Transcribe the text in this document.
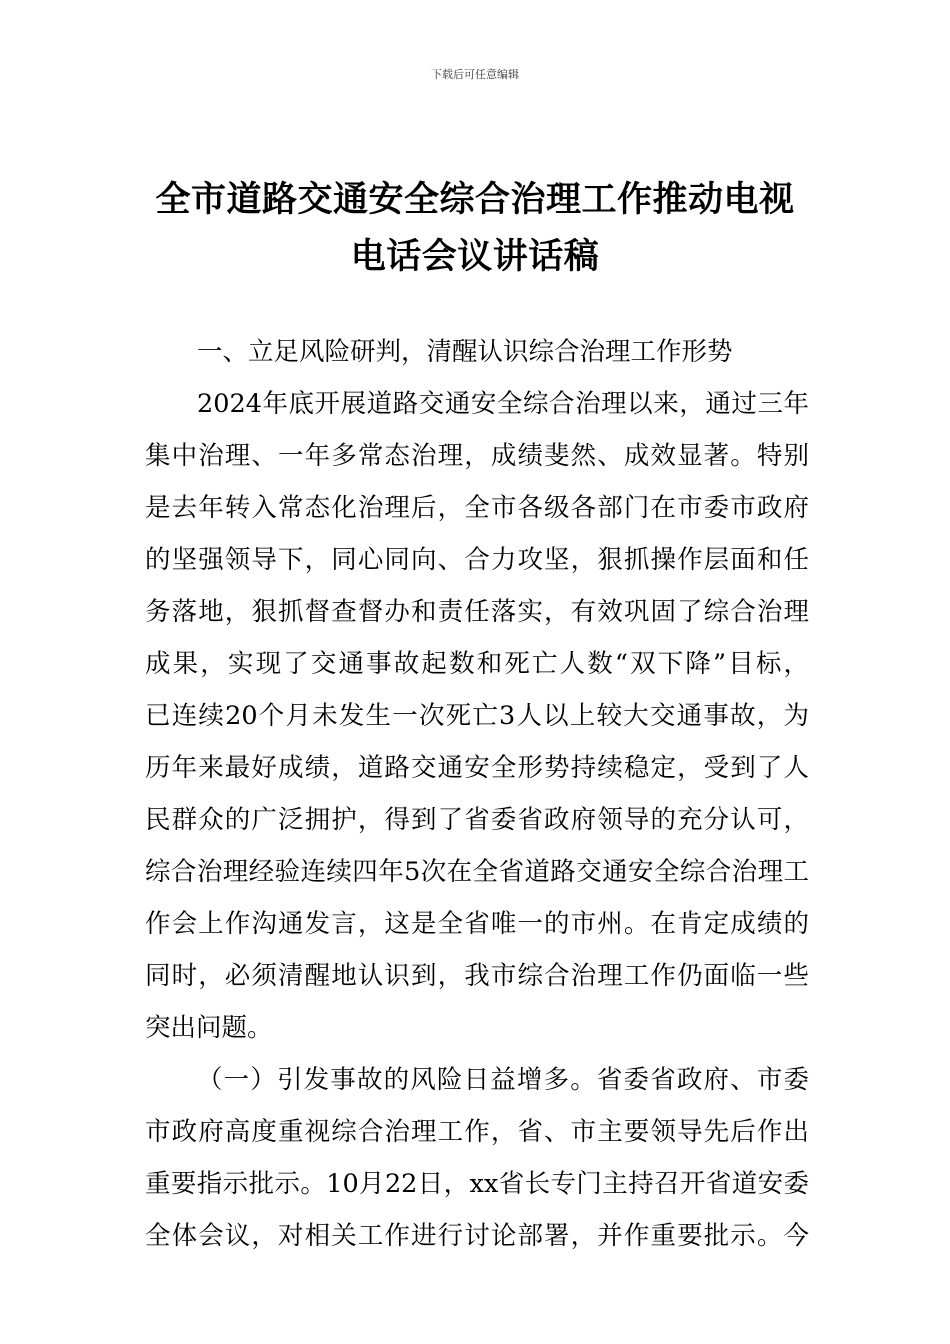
下载后可任意编辑
全市道路交通安全综合治理工作推动电视
电话会议讲话稿
一、立足风险研判，清醒认识综合治理工作形势
2024年底开展道路交通安全综合治理以来，通过三年
集中治理、一年多常态治理，成绩斐然、成效显著。特别
是去年转入常态化治理后，全市各级各部门在市委市政府
的坚强领导下，同心同向、合力攻坚，狠抓操作层面和任
务落地，狠抓督查督办和责任落实，有效巩固了综合治理
成果，实现了交通事故起数和死亡人数“双下降”目标，
已连续20个月未发生一次死亡3人以上较大交通事故，为
历年来最好成绩，道路交通安全形势持续稳定，受到了人
民群众的广泛拥护，得到了省委省政府领导的充分认可，
综合治理经验连续四年5次在全省道路交通安全综合治理工
作会上作沟通发言，这是全省唯一的市州。在肯定成绩的
同时，必须清醒地认识到，我市综合治理工作仍面临一些
突出问题。
（一）引发事故的风险日益增多。省委省政府、市委
市政府高度重视综合治理工作，省、市主要领导先后作出
重要指示批示。10月22日，xx省长专门主持召开省道安委
全体会议，对相关工作进行讨论部署，并作重要批示。今
